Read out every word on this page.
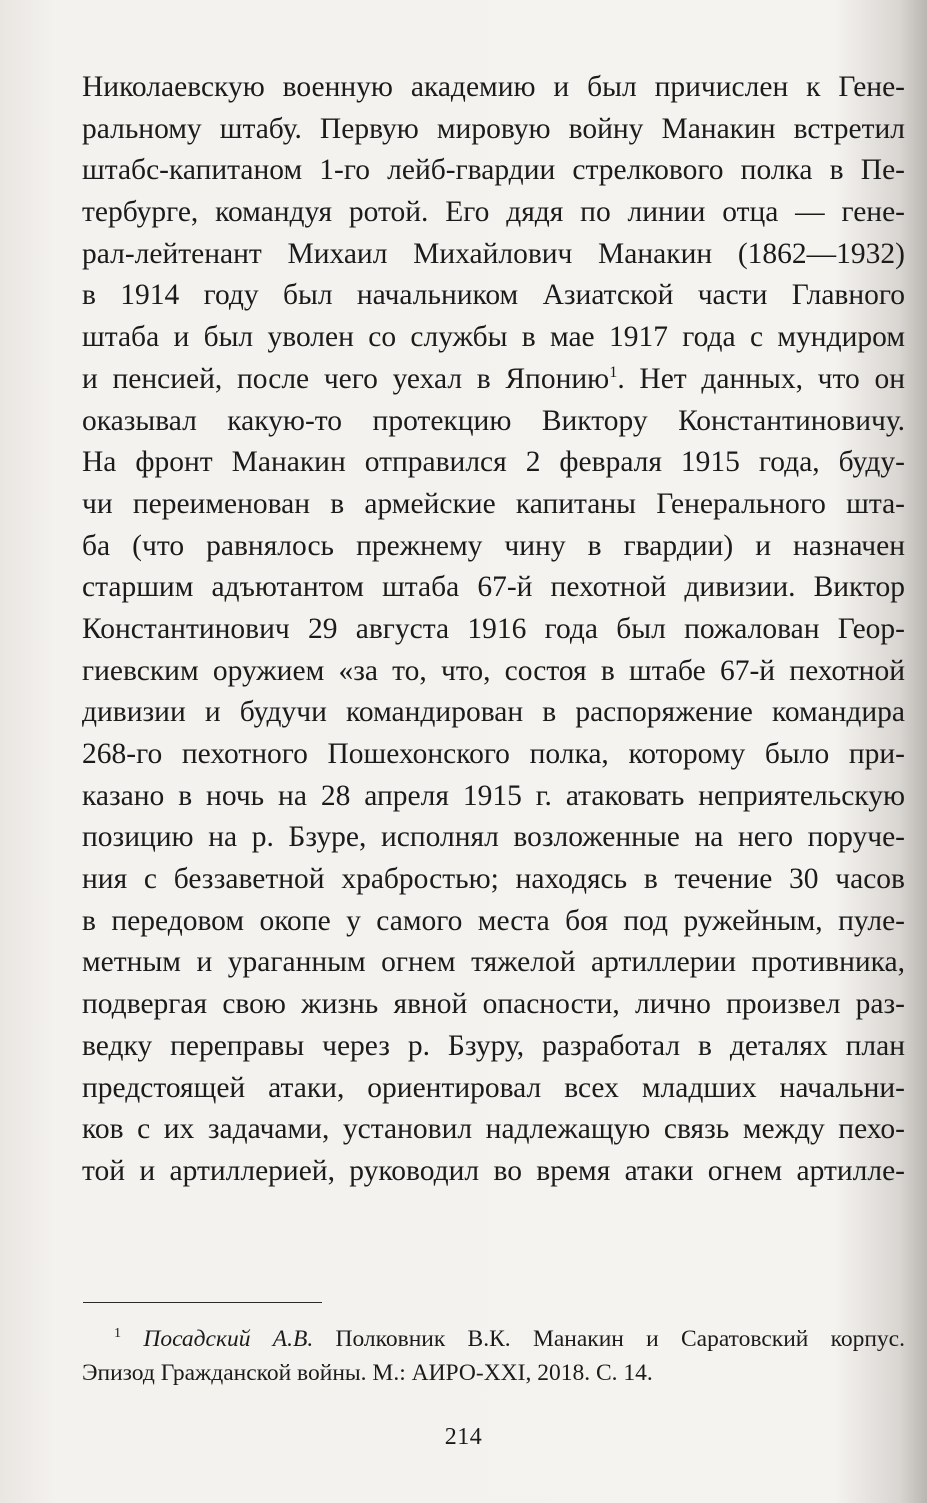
Николаевскую военную академию и был причислен к Гене-
ральному штабу. Первую мировую войну Манакин встретил
штабс-капитаном 1-го лейб-гвардии стрелкового полка в Пе-
тербурге, командуя ротой. Его дядя по линии отца — гене-
рал-лейтенант Михаил Михайлович Манакин (1862—1932)
в 1914 году был начальником Азиатской части Главного
штаба и был уволен со службы в мае 1917 года с мундиром
и пенсией, после чего уехал в Японию$^1$. Нет данных, что он
оказывал какую-то протекцию Виктору Константиновичу.
На фронт Манакин отправился 2 февраля 1915 года, буду-
чи переименован в армейские капитаны Генерального шта-
ба (что равнялось прежнему чину в гвардии) и назначен
старшим адъютантом штаба 67-й пехотной дивизии. Виктор
Константинович 29 августа 1916 года был пожалован Геор-
гиевским оружием «за то, что, состоя в штабе 67-й пехотной
дивизии и будучи командирован в распоряжение командира
268-го пехотного Пошехонского полка, которому было при-
казано в ночь на 28 апреля 1915 г. атаковать неприятельскую
позицию на р. Бзуре, исполнял возложенные на него поруче-
ния с беззаветной храбростью; находясь в течение 30 часов
в передовом окопе у самого места боя под ружейным, пуле-
метным и ураганным огнем тяжелой артиллерии противника,
подвергая свою жизнь явной опасности, лично произвел раз-
ведку переправы через р. Бзуру, разработал в деталях план
предстоящей атаки, ориентировал всех младших начальни-
ков с их задачами, установил надлежащую связь между пехо-
той и артиллерией, руководил во время атаки огнем артилле-
$^1$ Посадский А.В. Полковник В.К. Манакин и Саратовский корпус.
Эпизод Гражданской войны. М.: АИРО-XXI, 2018. С. 14.
214
